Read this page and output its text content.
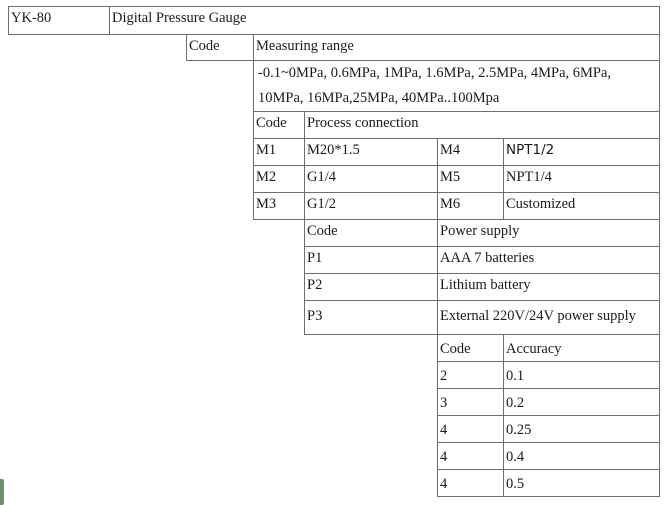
YK-80	Digital Pressure Gauge
Code	Measuring range
-0.1~0MPa, 0.6MPa, 1MPa, 1.6MPa, 2.5MPa, 4MPa, 6MPa, 10MPa, 16MPa,25MPa, 40MPa..100Mpa
Code	Process connection
M1	M20*1.5	M4	NPT1/2
M2	G1/4	M5	NPT1/4
M3	G1/2	M6	Customized
Code	Power supply
P1	AAA 7 batteries
P2	Lithium battery
P3	External 220V/24V power supply
Code	Accuracy
2	0.1
3	0.2
4	0.25
4	0.4
4	0.5
